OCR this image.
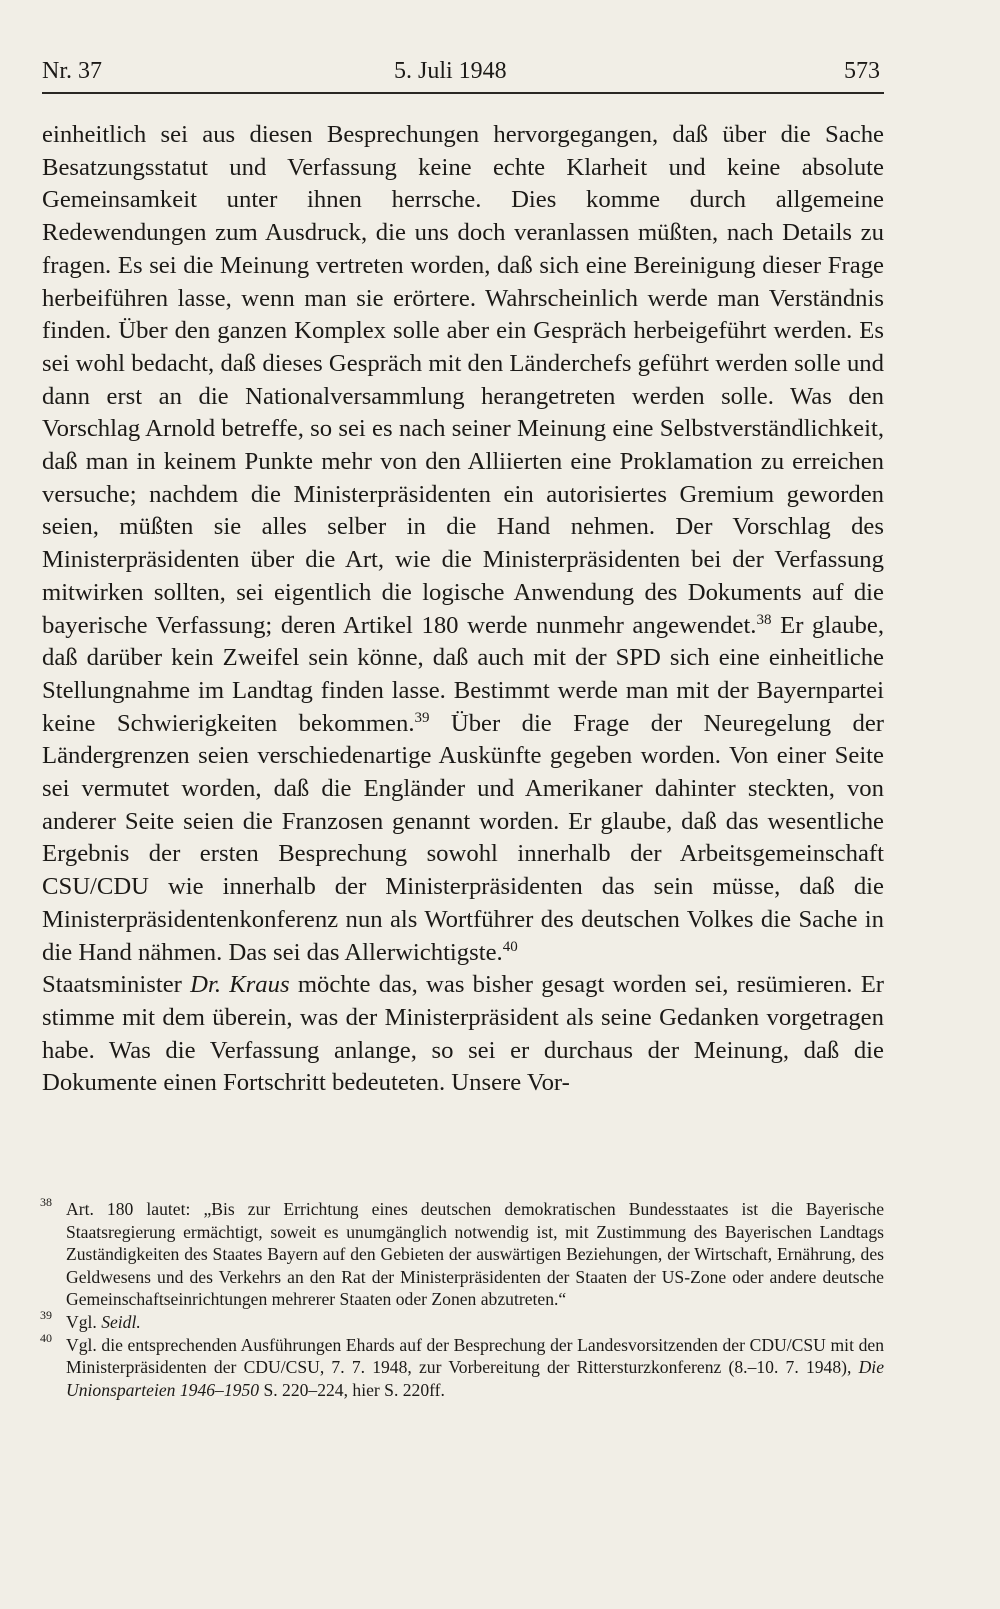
Nr. 37	5. Juli 1948	573

einheitlich sei aus diesen Besprechungen hervorgegangen, daß über die Sache Besatzungsstatut und Verfassung keine echte Klarheit und keine absolute Gemeinsamkeit unter ihnen herrsche. Dies komme durch allgemeine Redewendungen zum Ausdruck, die uns doch veranlassen müßten, nach Details zu fragen. Es sei die Meinung vertreten worden, daß sich eine Bereinigung dieser Frage herbeiführen lasse, wenn man sie erörtere. Wahrscheinlich werde man Verständnis finden. Über den ganzen Komplex solle aber ein Gespräch herbeigeführt werden. Es sei wohl bedacht, daß dieses Gespräch mit den Länderchefs geführt werden solle und dann erst an die Nationalversammlung herangetreten werden solle. Was den Vorschlag Arnold betreffe, so sei es nach seiner Meinung eine Selbstverständlichkeit, daß man in keinem Punkte mehr von den Alliierten eine Proklamation zu erreichen versuche; nachdem die Ministerpräsidenten ein autorisiertes Gremium geworden seien, müßten sie alles selber in die Hand nehmen. Der Vorschlag des Ministerpräsidenten über die Art, wie die Ministerpräsidenten bei der Verfassung mitwirken sollten, sei eigentlich die logische Anwendung des Dokuments auf die bayerische Verfassung; deren Artikel 180 werde nunmehr angewendet.$^{38}$ Er glaube, daß darüber kein Zweifel sein könne, daß auch mit der SPD sich eine einheitliche Stellungnahme im Landtag finden lasse. Bestimmt werde man mit der Bayernpartei keine Schwierigkeiten bekommen.$^{39}$ Über die Frage der Neuregelung der Ländergrenzen seien verschiedenartige Auskünfte gegeben worden. Von einer Seite sei vermutet worden, daß die Engländer und Amerikaner dahinter steckten, von anderer Seite seien die Franzosen genannt worden. Er glaube, daß das wesentliche Ergebnis der ersten Besprechung sowohl innerhalb der Arbeitsgemeinschaft CSU/CDU wie innerhalb der Ministerpräsidenten das sein müsse, daß die Ministerpräsidentenkonferenz nun als Wortführer des deutschen Volkes die Sache in die Hand nähmen. Das sei das Allerwichtigste.$^{40}$

Staatsminister Dr. Kraus möchte das, was bisher gesagt worden sei, resümieren. Er stimme mit dem überein, was der Ministerpräsident als seine Gedanken vorgetragen habe. Was die Verfassung anlange, so sei er durchaus der Meinung, daß die Dokumente einen Fortschritt bedeuteten. Unsere Vor-

38 Art. 180 lautet: „Bis zur Errichtung eines deutschen demokratischen Bundesstaates ist die Bayerische Staatsregierung ermächtigt, soweit es unumgänglich notwendig ist, mit Zustimmung des Bayerischen Landtags Zuständigkeiten des Staates Bayern auf den Gebieten der auswärtigen Beziehungen, der Wirtschaft, Ernährung, des Geldwesens und des Verkehrs an den Rat der Ministerpräsidenten der Staaten der US-Zone oder andere deutsche Gemeinschaftseinrichtungen mehrerer Staaten oder Zonen abzutreten.“

39 Vgl. Seidl.

40 Vgl. die entsprechenden Ausführungen Ehards auf der Besprechung der Landesvorsitzenden der CDU/CSU mit den Ministerpräsidenten der CDU/CSU, 7. 7. 1948, zur Vorbereitung der Rittersturzkonferenz (8.–10. 7. 1948), Die Unionsparteien 1946–1950 S. 220–224, hier S. 220ff.
